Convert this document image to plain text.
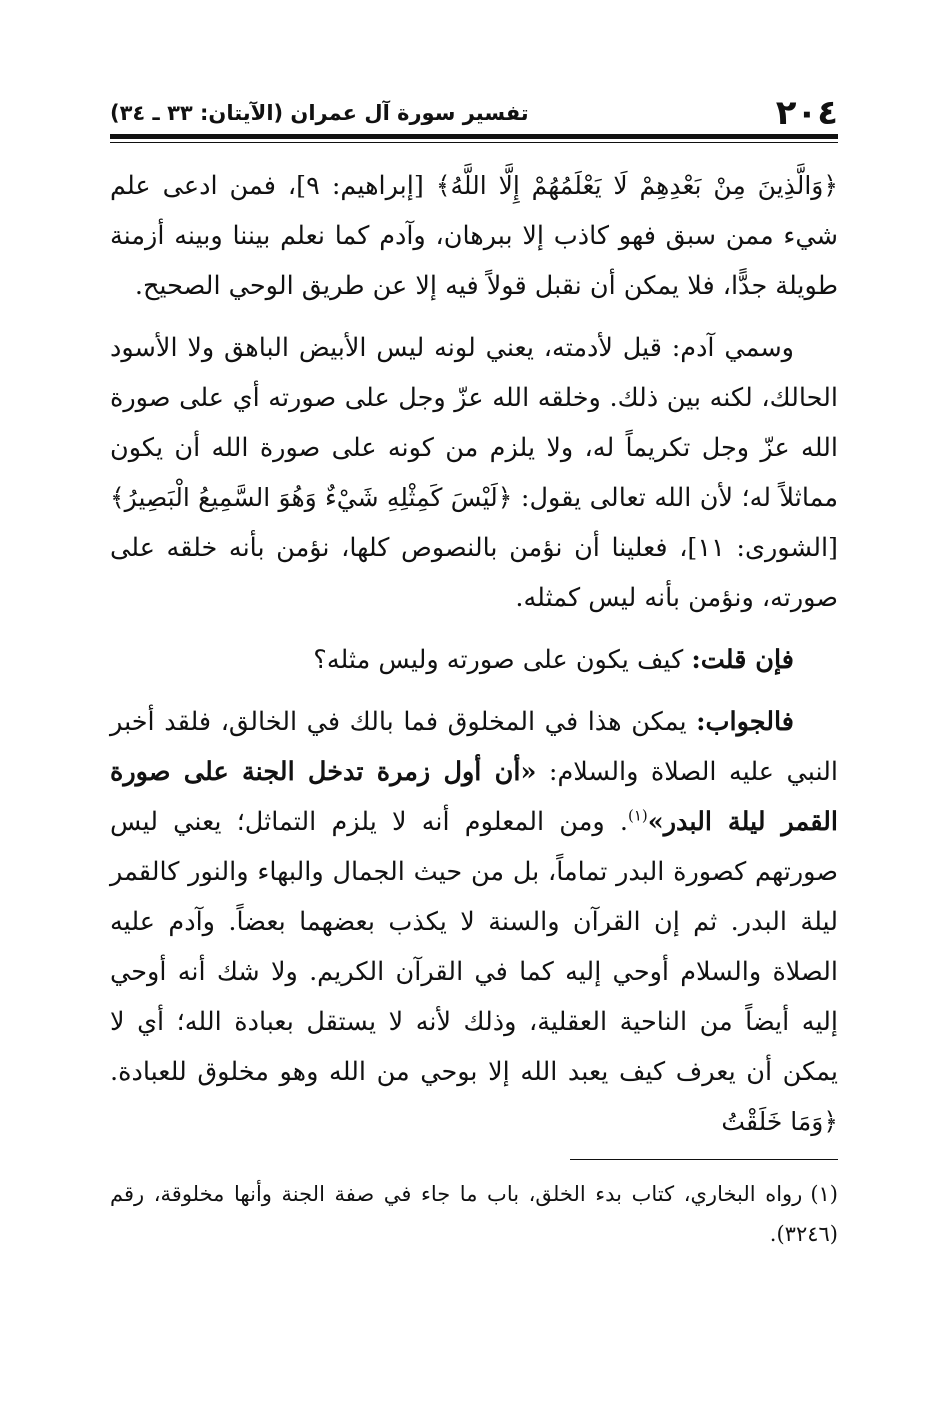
٢٠٤
تفسير سورة آل عمران (الآيتان: ٣٣ ـ ٣٤)

﴿وَالَّذِينَ مِنْ بَعْدِهِمْ لَا يَعْلَمُهُمْ إِلَّا اللَّهُ﴾ [إبراهيم: ٩]، فمن ادعى علم شيء ممن سبق فهو كاذب إلا ببرهان، وآدم كما نعلم بيننا وبينه أزمنة طويلة جدًّا، فلا يمكن أن نقبل قولاً فيه إلا عن طريق الوحي الصحيح.

وسمي آدم: قيل لأدمته، يعني لونه ليس الأبيض الباهق ولا الأسود الحالك، لكنه بين ذلك. وخلقه الله عزّ وجل على صورته أي على صورة الله عزّ وجل تكريماً له، ولا يلزم من كونه على صورة الله أن يكون مماثلاً له؛ لأن الله تعالى يقول: ﴿لَيْسَ كَمِثْلِهِ شَيْءٌ وَهُوَ السَّمِيعُ الْبَصِيرُ﴾ [الشورى: ١١]، فعلينا أن نؤمن بالنصوص كلها، نؤمن بأنه خلقه على صورته، ونؤمن بأنه ليس كمثله.

فإن قلت: كيف يكون على صورته وليس مثله؟

فالجواب: يمكن هذا في المخلوق فما بالك في الخالق، فلقد أخبر النبي عليه الصلاة والسلام: «أن أول زمرة تدخل الجنة على صورة القمر ليلة البدر»$^{(١)}$. ومن المعلوم أنه لا يلزم التماثل؛ يعني ليس صورتهم كصورة البدر تماماً، بل من حيث الجمال والبهاء والنور كالقمر ليلة البدر. ثم إن القرآن والسنة لا يكذب بعضهما بعضاً. وآدم عليه الصلاة والسلام أوحي إليه كما في القرآن الكريم. ولا شك أنه أوحي إليه أيضاً من الناحية العقلية، وذلك لأنه لا يستقل بعبادة الله؛ أي لا يمكن أن يعرف كيف يعبد الله إلا بوحي من الله وهو مخلوق للعبادة. ﴿وَمَا خَلَقْتُ

(١)رواه البخاري، كتاب بدء الخلق، باب ما جاء في صفة الجنة وأنها مخلوقة، رقم (٣٢٤٦).
